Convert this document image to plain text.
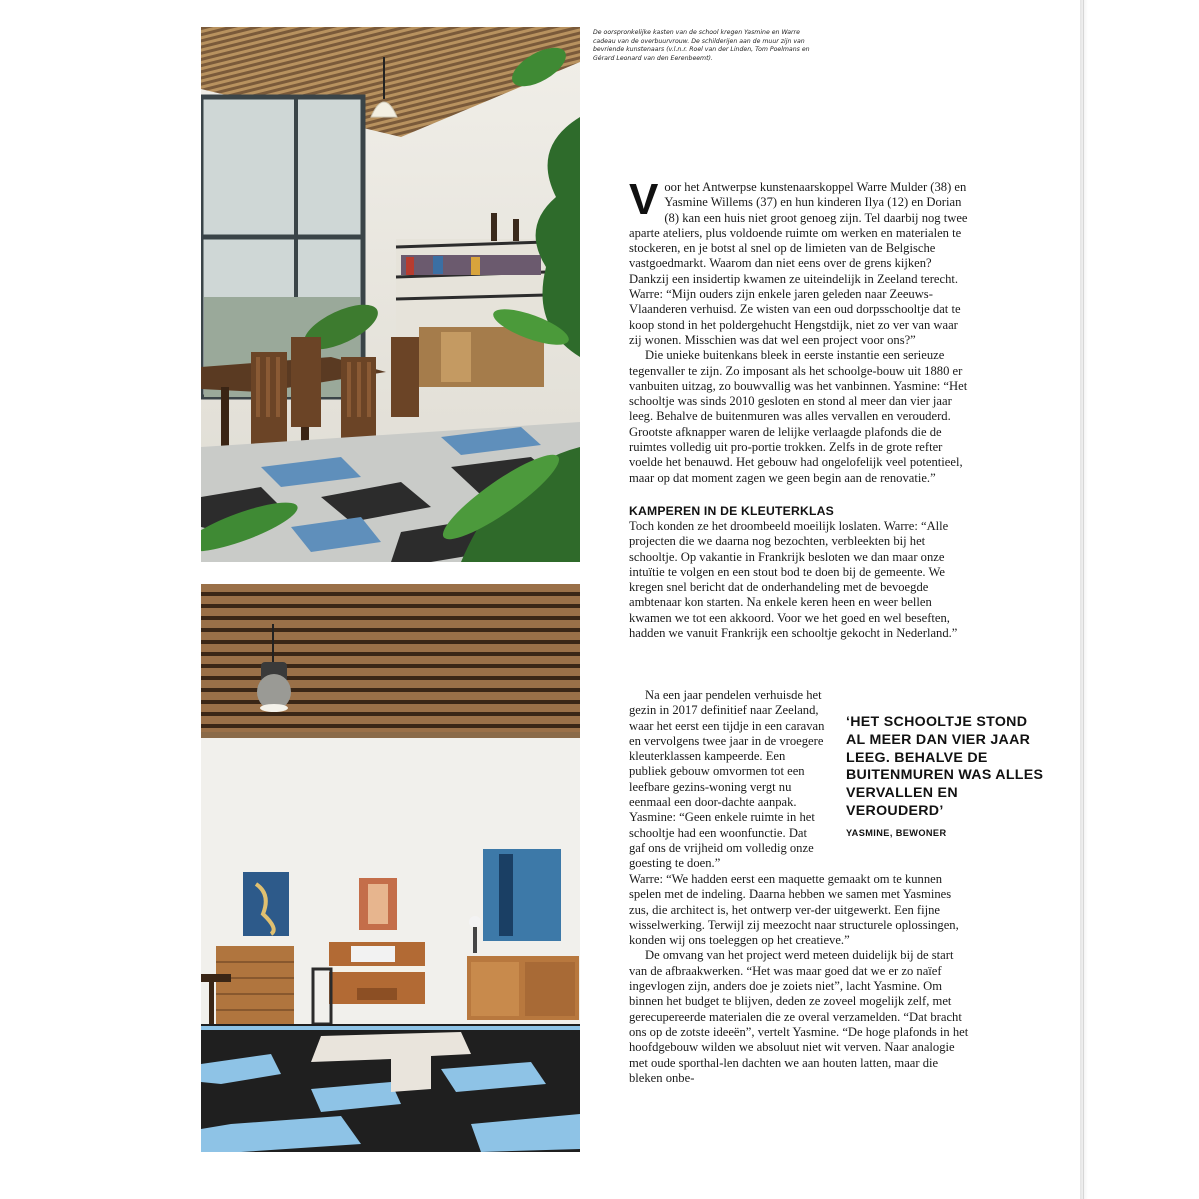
De oorspronkelijke kasten van de school kregen Yasmine en Warre cadeau van de overbuurvrouw. De schilderijen aan de muur zijn van bevriende kunstenaars (v.l.n.r. Roel van der Linden, Tom Poelmans en Gérard Leonard van den Eerenbeemt).

Voor het Antwerpse kunstenaarskoppel Warre Mulder (38) en Yasmine Willems (37) en hun kinderen Ilya (12) en Dorian (8) kan een huis niet groot genoeg zijn. Tel daarbij nog twee aparte ateliers, plus voldoende ruimte om werken en materialen te stockeren, en je botst al snel op de limieten van de Belgische vastgoedmarkt. Waarom dan niet eens over de grens kijken? Dankzij een insidertip kwamen ze uiteindelijk in Zeeland terecht. Warre: “Mijn ouders zijn enkele jaren geleden naar Zeeuws-Vlaanderen verhuisd. Ze wisten van een oud dorpsschooltje dat te koop stond in het poldergehucht Hengstdijk, niet zo ver van waar zij wonen. Misschien was dat wel een project voor ons?”

Die unieke buitenkans bleek in eerste instantie een serieuze tegenvaller te zijn. Zo imposant als het schoolge-bouw uit 1880 er vanbuiten uitzag, zo bouwvallig was het vanbinnen. Yasmine: “Het schooltje was sinds 2010 gesloten en stond al meer dan vier jaar leeg. Behalve de buitenmuren was alles vervallen en verouderd. Grootste afknapper waren de lelijke verlaagde plafonds die de ruimtes volledig uit pro-portie trokken. Zelfs in de grote refter voelde het benauwd. Het gebouw had ongelofelijk veel potentieel, maar op dat moment zagen we geen begin aan de renovatie.”

KAMPEREN IN DE KLEUTERKLAS

Toch konden ze het droombeeld moeilijk loslaten. Warre: “Alle projecten die we daarna nog bezochten, verbleekten bij het schooltje. Op vakantie in Frankrijk besloten we dan maar onze intuïtie te volgen en een stout bod te doen bij de gemeente. We kregen snel bericht dat de onderhandeling met de bevoegde ambtenaar kon starten. Na enkele keren heen en weer bellen kwamen we tot een akkoord. Voor we het goed en wel beseften, hadden we vanuit Frankrijk een schooltje gekocht in Nederland.”

Na een jaar pendelen verhuisde het gezin in 2017 definitief naar Zeeland, waar het eerst een tijdje in een caravan en vervolgens twee jaar in de vroegere kleuterklassen kampeerde. Een publiek gebouw omvormen tot een leefbare gezins-woning vergt nu eenmaal een door-dachte aanpak. Yasmine: “Geen enkele ruimte in het schooltje had een woonfunctie. Dat gaf ons de vrijheid om volledig onze goesting te doen.”

Warre: “We hadden eerst een maquette gemaakt om te kunnen spelen met de indeling. Daarna hebben we samen met Yasmines zus, die architect is, het ontwerp ver-der uitgewerkt. Een fijne wisselwerking. Terwijl zij meezocht naar structurele oplossingen, konden wij ons toeleggen op het creatieve.”

De omvang van het project werd meteen duidelijk bij de start van de afbraakwerken. “Het was maar goed dat we er zo naïef ingevlogen zijn, anders doe je zoiets niet”, lacht Yasmine. Om binnen het budget te blijven, deden ze zoveel mogelijk zelf, met gerecupereerde materialen die ze overal verzamelden. “Dat bracht ons op de zotste ideeën”, vertelt Yasmine. “De hoge plafonds in het hoofdgebouw wilden we absoluut niet wit verven. Naar analogie met oude sporthal-len dachten we aan houten latten, maar die bleken onbe-

‘HET SCHOOLTJE STOND AL MEER DAN VIER JAAR LEEG. BEHALVE DE BUITENMUREN WAS ALLES VERVALLEN EN VEROUDERD’
YASMINE, BEWONER
